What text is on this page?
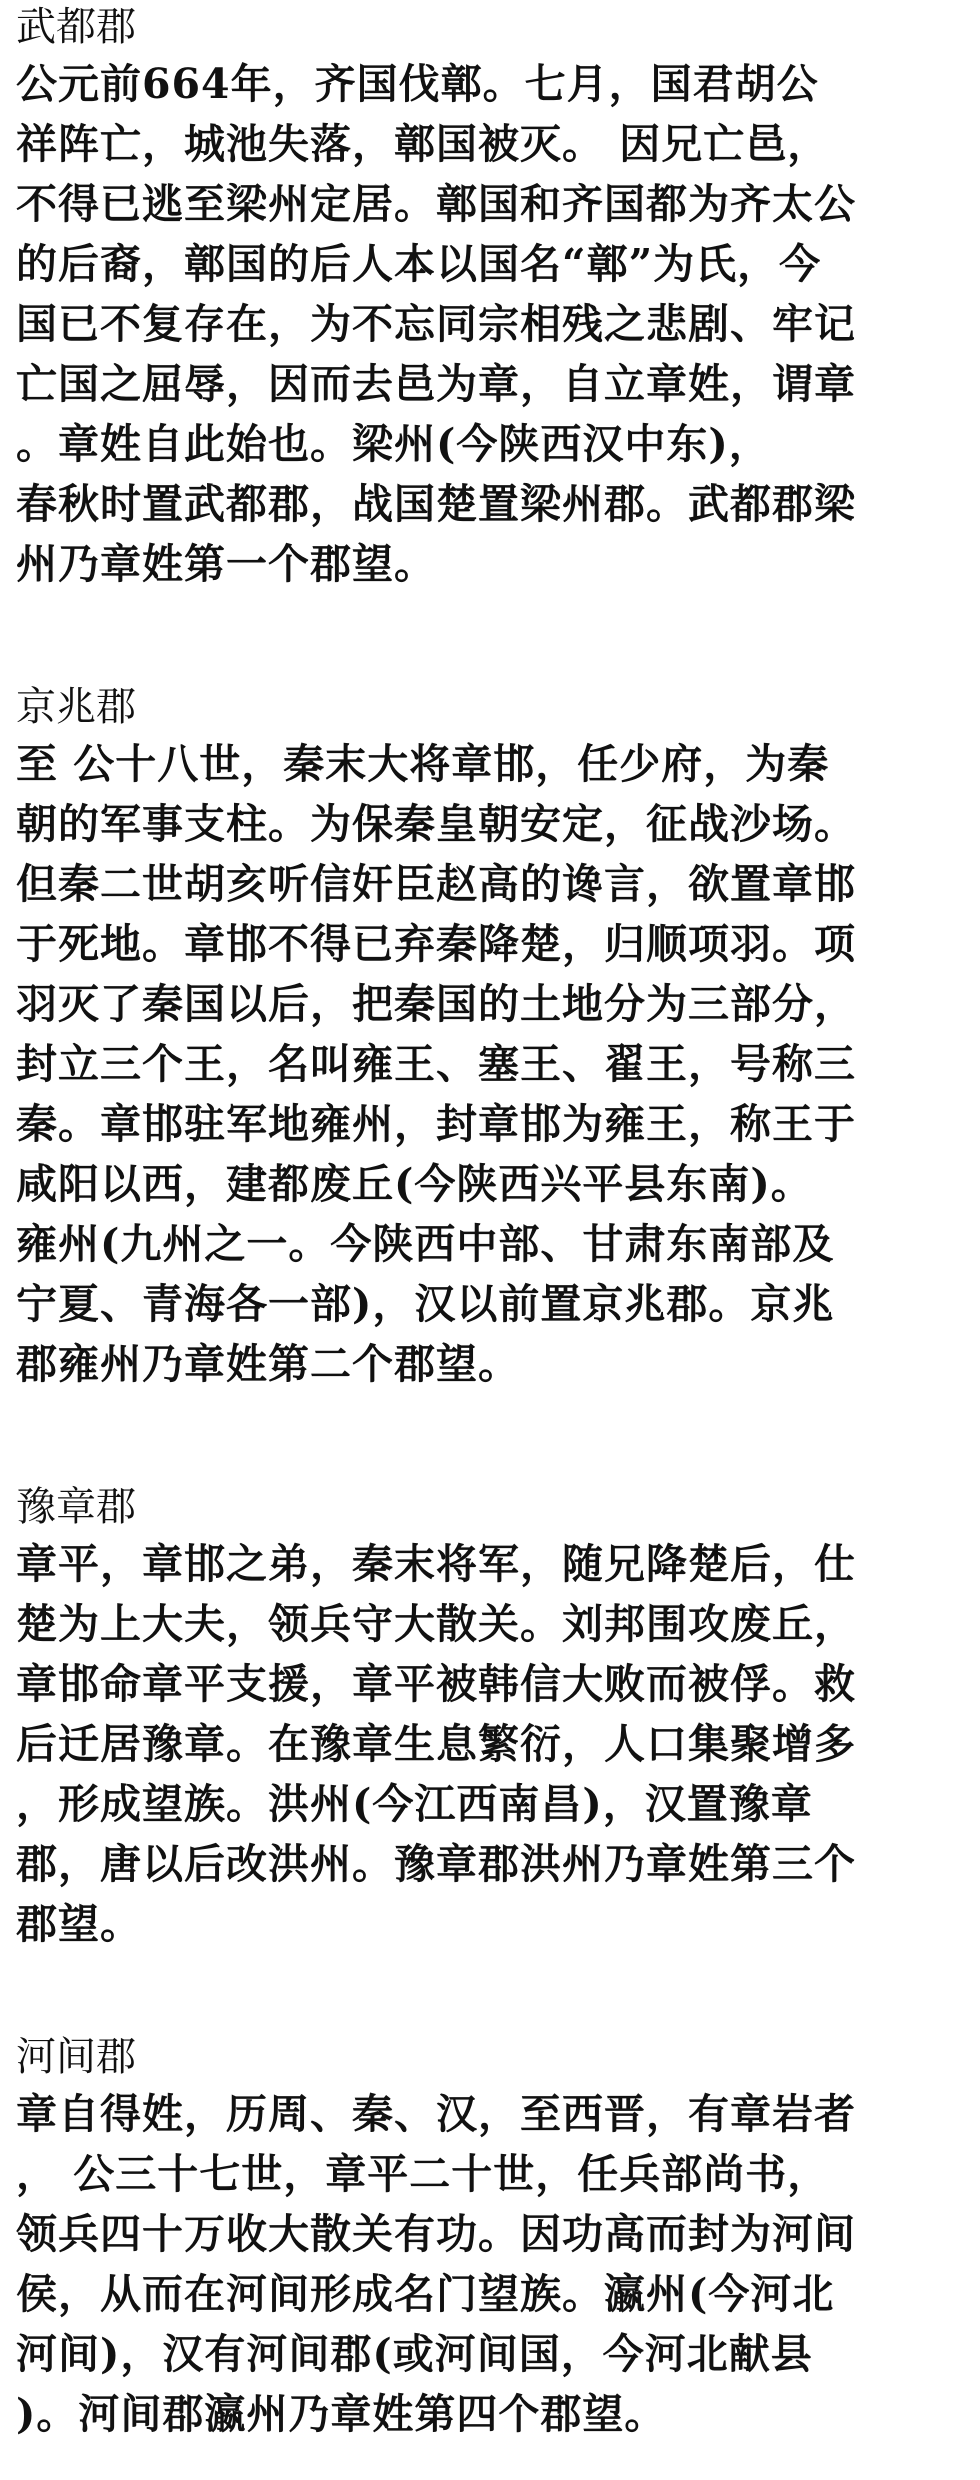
武都郡
公元前664年，齐国伐鄣。七月，国君胡公
祥阵亡，城池失落，鄣国被灭。 因兄亡邑，
不得已逃至梁州定居。鄣国和齐国都为齐太公
的后裔，鄣国的后人本以国名“鄣”为氏，今
国已不复存在，为不忘同宗相残之悲剧、牢记
亡国之屈辱，因而去邑为章，自立章姓，谓章
。章姓自此始也。梁州(今陕西汉中东)，
春秋时置武都郡，战国楚置梁州郡。武都郡梁
州乃章姓第一个郡望。
京兆郡
至 公十八世，秦末大将章邯，任少府，为秦
朝的军事支柱。为保秦皇朝安定，征战沙场。
但秦二世胡亥听信奸臣赵高的谗言，欲置章邯
于死地。章邯不得已弃秦降楚，归顺项羽。项
羽灭了秦国以后，把秦国的土地分为三部分，
封立三个王，名叫雍王、塞王、翟王，号称三
秦。章邯驻军地雍州，封章邯为雍王，称王于
咸阳以西，建都废丘(今陕西兴平县东南)。
雍州(九州之一。今陕西中部、甘肃东南部及
宁夏、青海各一部)，汉以前置京兆郡。京兆
郡雍州乃章姓第二个郡望。
豫章郡
章平，章邯之弟，秦末将军，随兄降楚后，仕
楚为上大夫，领兵守大散关。刘邦围攻废丘，
章邯命章平支援，章平被韩信大败而被俘。救
后迁居豫章。在豫章生息繁衍，人口集聚增多
，形成望族。洪州(今江西南昌)，汉置豫章
郡，唐以后改洪州。豫章郡洪州乃章姓第三个
郡望。
河间郡
章自得姓，历周、秦、汉，至西晋，有章岩者
， 公三十七世，章平二十世，任兵部尚书，
领兵四十万收大散关有功。因功高而封为河间
侯，从而在河间形成名门望族。瀛州(今河北
河间)，汉有河间郡(或河间国，今河北献县
)。河间郡瀛州乃章姓第四个郡望。
